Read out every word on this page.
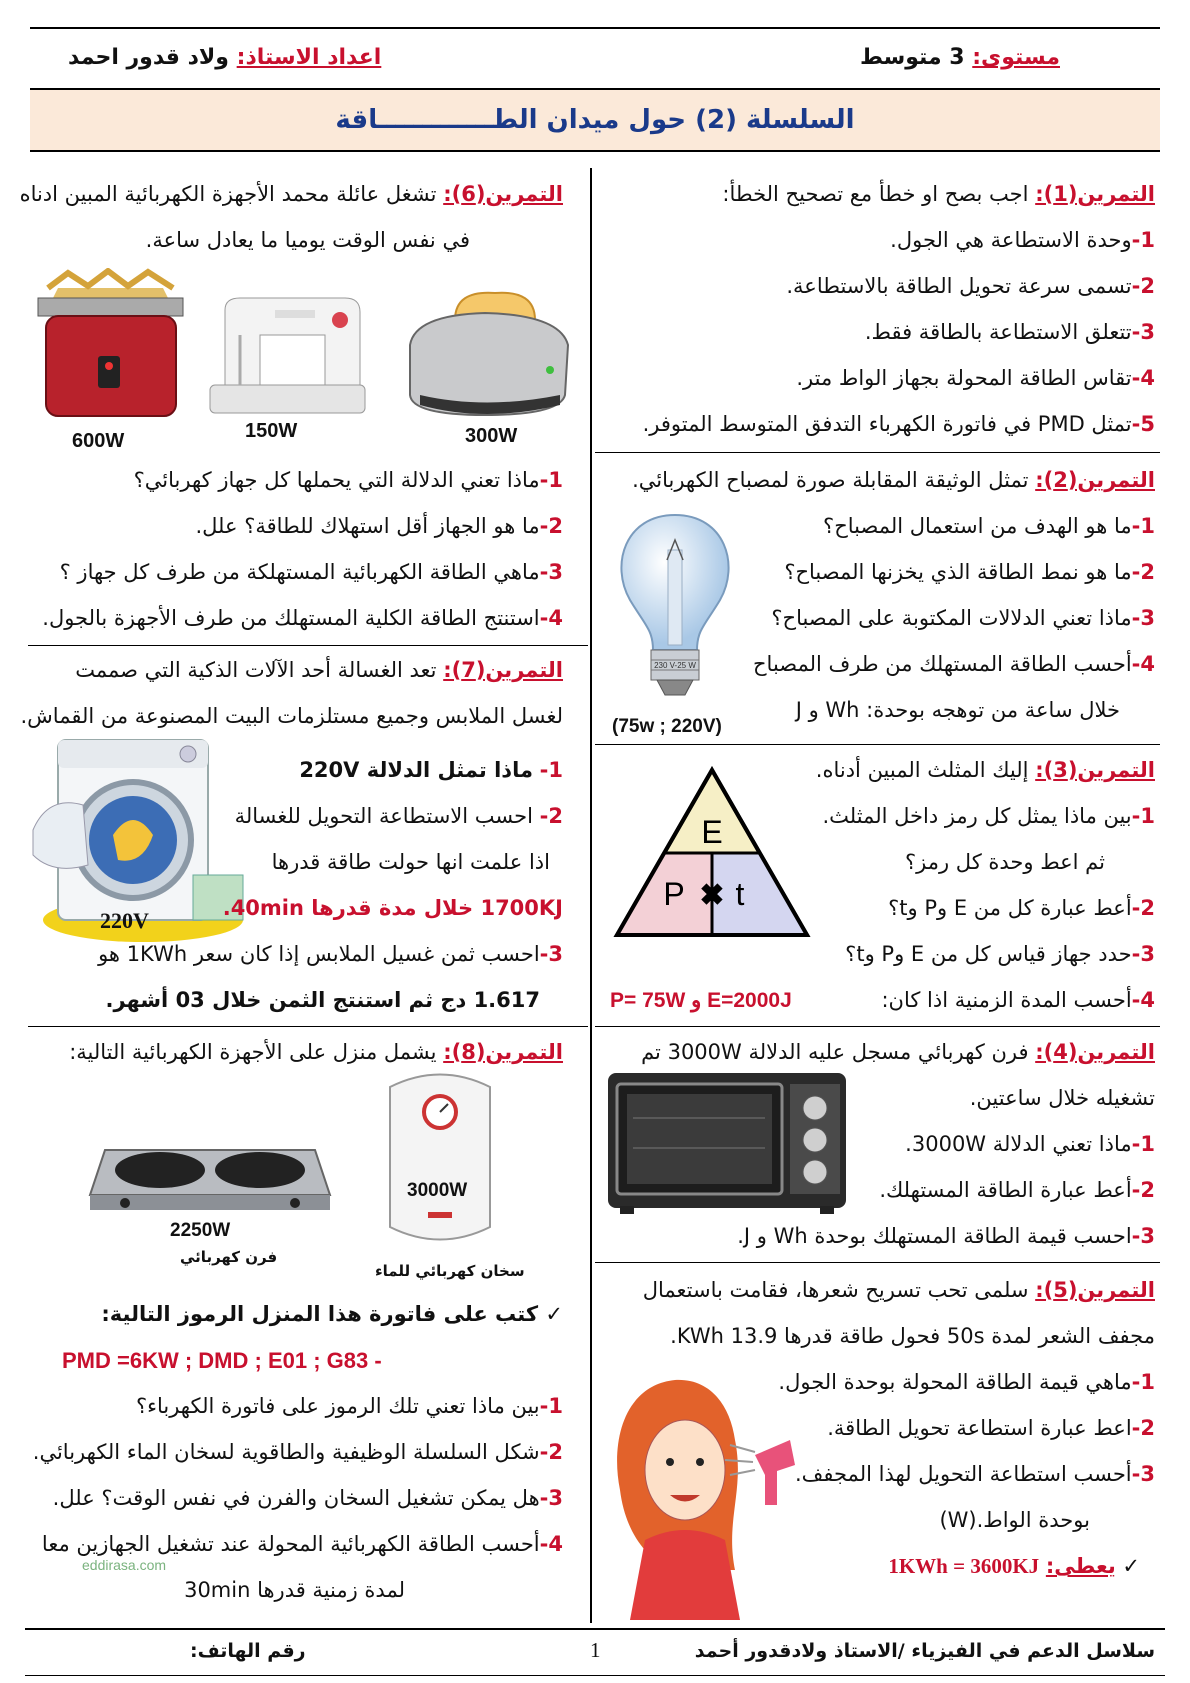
مستوى: 3 متوسط
اعداد الاستاذ: ولاد قدور احمد
السلسلة (2) حول ميدان الطـــــــــــــاقة
التمرين(1): اجب بصح او خطأ مع تصحيح الخطأ:
1-وحدة الاستطاعة هي الجول.
2-تسمى سرعة تحويل الطاقة بالاستطاعة.
3-تتعلق الاستطاعة بالطاقة فقط.
4-تقاس الطاقة المحولة بجهاز الواط متر.
5-تمثل PMD في فاتورة الكهرباء التدفق المتوسط المتوفر.
التمرين(2): تمثل الوثيقة المقابلة صورة لمصباح الكهربائي.
1-ما هو الهدف من استعمال المصباح؟
2-ما هو نمط الطاقة الذي يخزنها المصباح؟
3-ماذا تعني الدلالات المكتوبة على المصباح؟
4-أحسب الطاقة المستهلك من طرف المصباح
خلال ساعة من توهجه بوحدة: Wh و J
230 V-25 W
(75w ; 220V)
التمرين(3): إليك المثلث المبين أدناه.
1-بين ماذا يمثل كل رمز داخل المثلث.
ثم اعط وحدة كل رمز؟
2-أعط عبارة كل من E وP وt؟
3-حدد جهاز قياس كل من E وP وt؟
4-أحسب المدة الزمنية اذا كان:
E=2000J و P= 75W
E
P t
✖
التمرين(4): فرن كهربائي مسجل عليه الدلالة 3000W تم
تشغيله خلال ساعتين.
1-ماذا تعني الدلالة 3000W.
2-أعط عبارة الطاقة المستهلك.
3-احسب قيمة الطاقة المستهلك بوحدة Wh و J.
التمرين(5): سلمى تحب تسريح شعرها، فقامت باستعمال
مجفف الشعر لمدة 50s فحول طاقة قدرها 13.9 KWh.
1-ماهي قيمة الطاقة المحولة بوحدة الجول.
2-اعط عبارة استطاعة تحويل الطاقة.
3-أحسب استطاعة التحويل لهذا المجفف.
بوحدة الواط.(W)
✓ يعطى: 1KWh = 3600KJ
التمرين(6): تشغل عائلة محمد الأجهزة الكهربائية المبين ادناه
في نفس الوقت يوميا ما يعادل ساعة.
600W	150W	300W
1-ماذا تعني الدلالة التي يحملها كل جهاز كهربائي؟
2-ما هو الجهاز أقل استهلاك للطاقة؟ علل.
3-ماهي الطاقة الكهربائية المستهلكة من طرف كل جهاز ؟
4-استنتج الطاقة الكلية المستهلك من طرف الأجهزة بالجول.
التمرين(7): تعد الغسالة أحد الآلات الذكية التي صممت
لغسل الملابس وجميع مستلزمات البيت المصنوعة من القماش.
220V
1- ماذا تمثل الدلالة 220V
2- احسب الاستطاعة التحويل للغسالة
اذا علمت انها حولت طاقة قدرها
1700KJ خلال مدة قدرها 40min.
3-احسب ثمن غسيل الملابس إذا كان سعر 1KWh هو
1.617 دج ثم استنتج الثمن خلال 03 أشهر.
التمرين(8): يشمل منزل على الأجهزة الكهربائية التالية:
2250W
فرن كهربائي
3000W
سخان كهربائي للماء
✓ كتب على فاتورة هذا المنزل الرموز التالية:
PMD =6KW ; DMD ; E01 ; G83 -
1-بين ماذا تعني تلك الرموز على فاتورة الكهرباء؟
2-شكل السلسلة الوظيفية والطاقوية لسخان الماء الكهربائي.
3-هل يمكن تشغيل السخان والفرن في نفس الوقت؟ علل.
4-أحسب الطاقة الكهربائية المحولة عند تشغيل الجهازين معا
لمدة زمنية قدرها 30min
eddirasa.com
رقم الهاتف:	1	سلاسل الدعم في الفيزياء /الاستاذ ولادقدور أحمد
